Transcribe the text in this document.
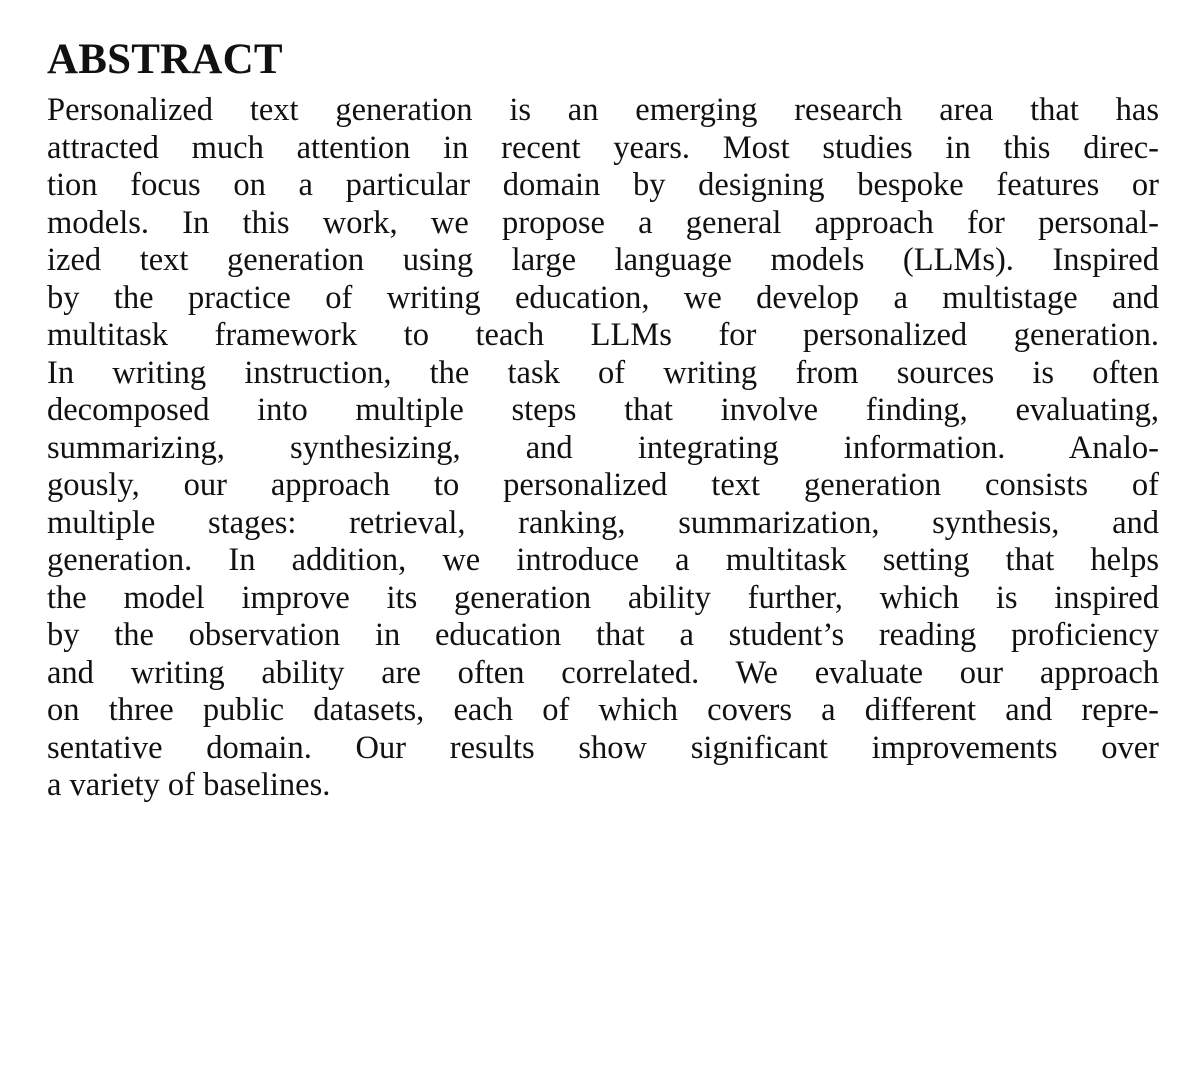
ABSTRACT

Personalized text generation is an emerging research area that has
attracted much attention in recent years. Most studies in this direc-
tion focus on a particular domain by designing bespoke features or
models. In this work, we propose a general approach for personal-
ized text generation using large language models (LLMs). Inspired
by the practice of writing education, we develop a multistage and
multitask framework to teach LLMs for personalized generation.
In writing instruction, the task of writing from sources is often
decomposed into multiple steps that involve finding, evaluating,
summarizing, synthesizing, and integrating information. Analo-
gously, our approach to personalized text generation consists of
multiple stages: retrieval, ranking, summarization, synthesis, and
generation. In addition, we introduce a multitask setting that helps
the model improve its generation ability further, which is inspired
by the observation in education that a student’s reading proficiency
and writing ability are often correlated. We evaluate our approach
on three public datasets, each of which covers a different and repre-
sentative domain. Our results show significant improvements over
a variety of baselines.
